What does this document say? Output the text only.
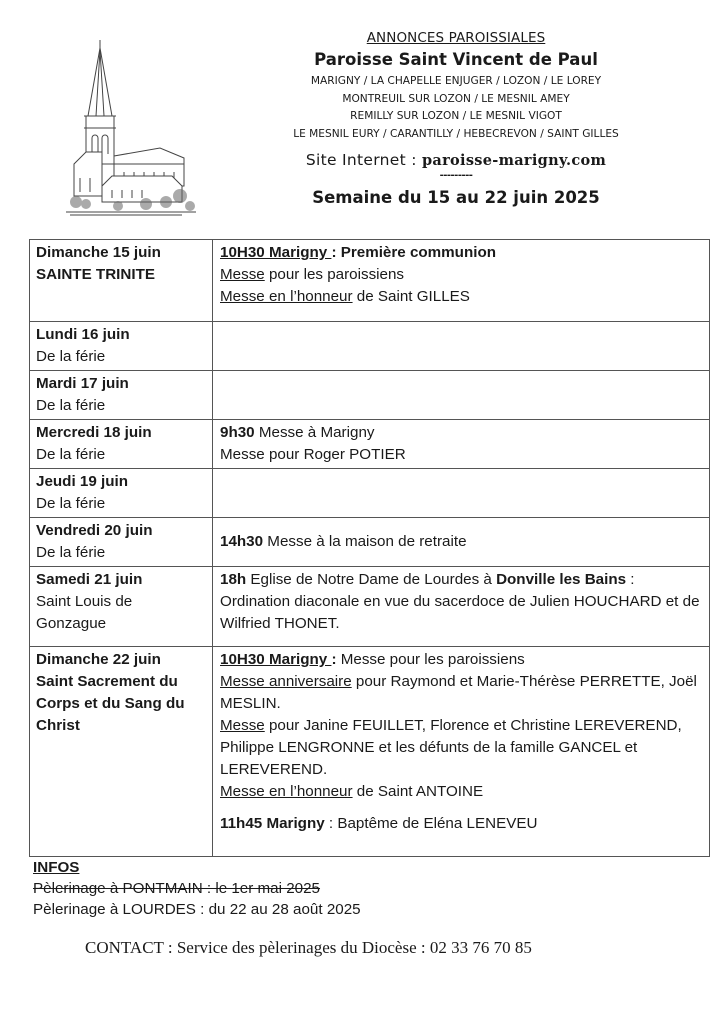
ANNONCES PAROISSIALES
Paroisse Saint Vincent de Paul
MARIGNY / LA CHAPELLE ENJUGER / LOZON / LE LOREY
MONTREUIL SUR LOZON / LE MESNIL AMEY
REMILLY SUR LOZON / LE MESNIL VIGOT
LE MESNIL EURY / CARANTILLY / HEBECREVON / SAINT GILLES
Site Internet : paroisse-marigny.com
---------
Semaine du 15 au 22 juin 2025
Dimanche 15 juin
SAINTE TRINITE	10H30 Marigny : Première communion
Messe pour les paroissiens
Messe en l’honneur de Saint GILLES

Lundi 16 juin
De la férie	

Mardi 17 juin
De la férie	

Mercredi 18 juin
De la férie	9h30 Messe à Marigny
Messe pour Roger POTIER

Jeudi 19 juin
De la férie	

Vendredi 20 juin
De la férie	14h30 Messe à la maison de retraite

Samedi 21 juin
Saint Louis de
Gonzague	18h Eglise de Notre Dame de Lourdes à Donville les Bains :
Ordination diaconale en vue du sacerdoce de Julien HOUCHARD et de Wilfried THONET.

Dimanche 22 juin
Saint Sacrement du Corps et du Sang du Christ	10H30 Marigny : Messe pour les paroissiens
Messe anniversaire pour Raymond et Marie-Thérèse PERRETTE, Joël MESLIN.
Messe pour Janine FEUILLET, Florence et Christine LEREVEREND, Philippe LENGRONNE et les défunts de la famille GANCEL et LEREVEREND.
Messe en l’honneur de Saint ANTOINE
11h45 Marigny : Baptême de Eléna LENEVEU
INFOS
Pèlerinage à PONTMAIN : le 1er mai 2025
Pèlerinage à LOURDES : du 22 au 28 août 2025
CONTACT : Service des pèlerinages du Diocèse : 02 33 76 70 85
